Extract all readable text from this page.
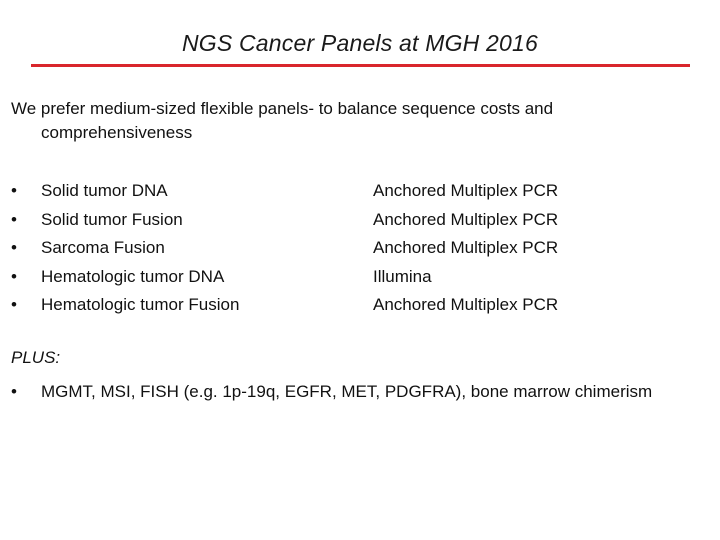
NGS Cancer Panels at MGH 2016
We prefer medium-sized flexible panels- to balance sequence costs and comprehensiveness
•	Solid tumor DNA	Anchored Multiplex PCR
•	Solid tumor Fusion	Anchored Multiplex PCR
•	Sarcoma Fusion	Anchored Multiplex PCR
•	Hematologic tumor DNA	Illumina
•	Hematologic tumor Fusion	Anchored Multiplex PCR
PLUS:
• MGMT, MSI, FISH (e.g. 1p-19q, EGFR, MET, PDGFRA), bone marrow chimerism
